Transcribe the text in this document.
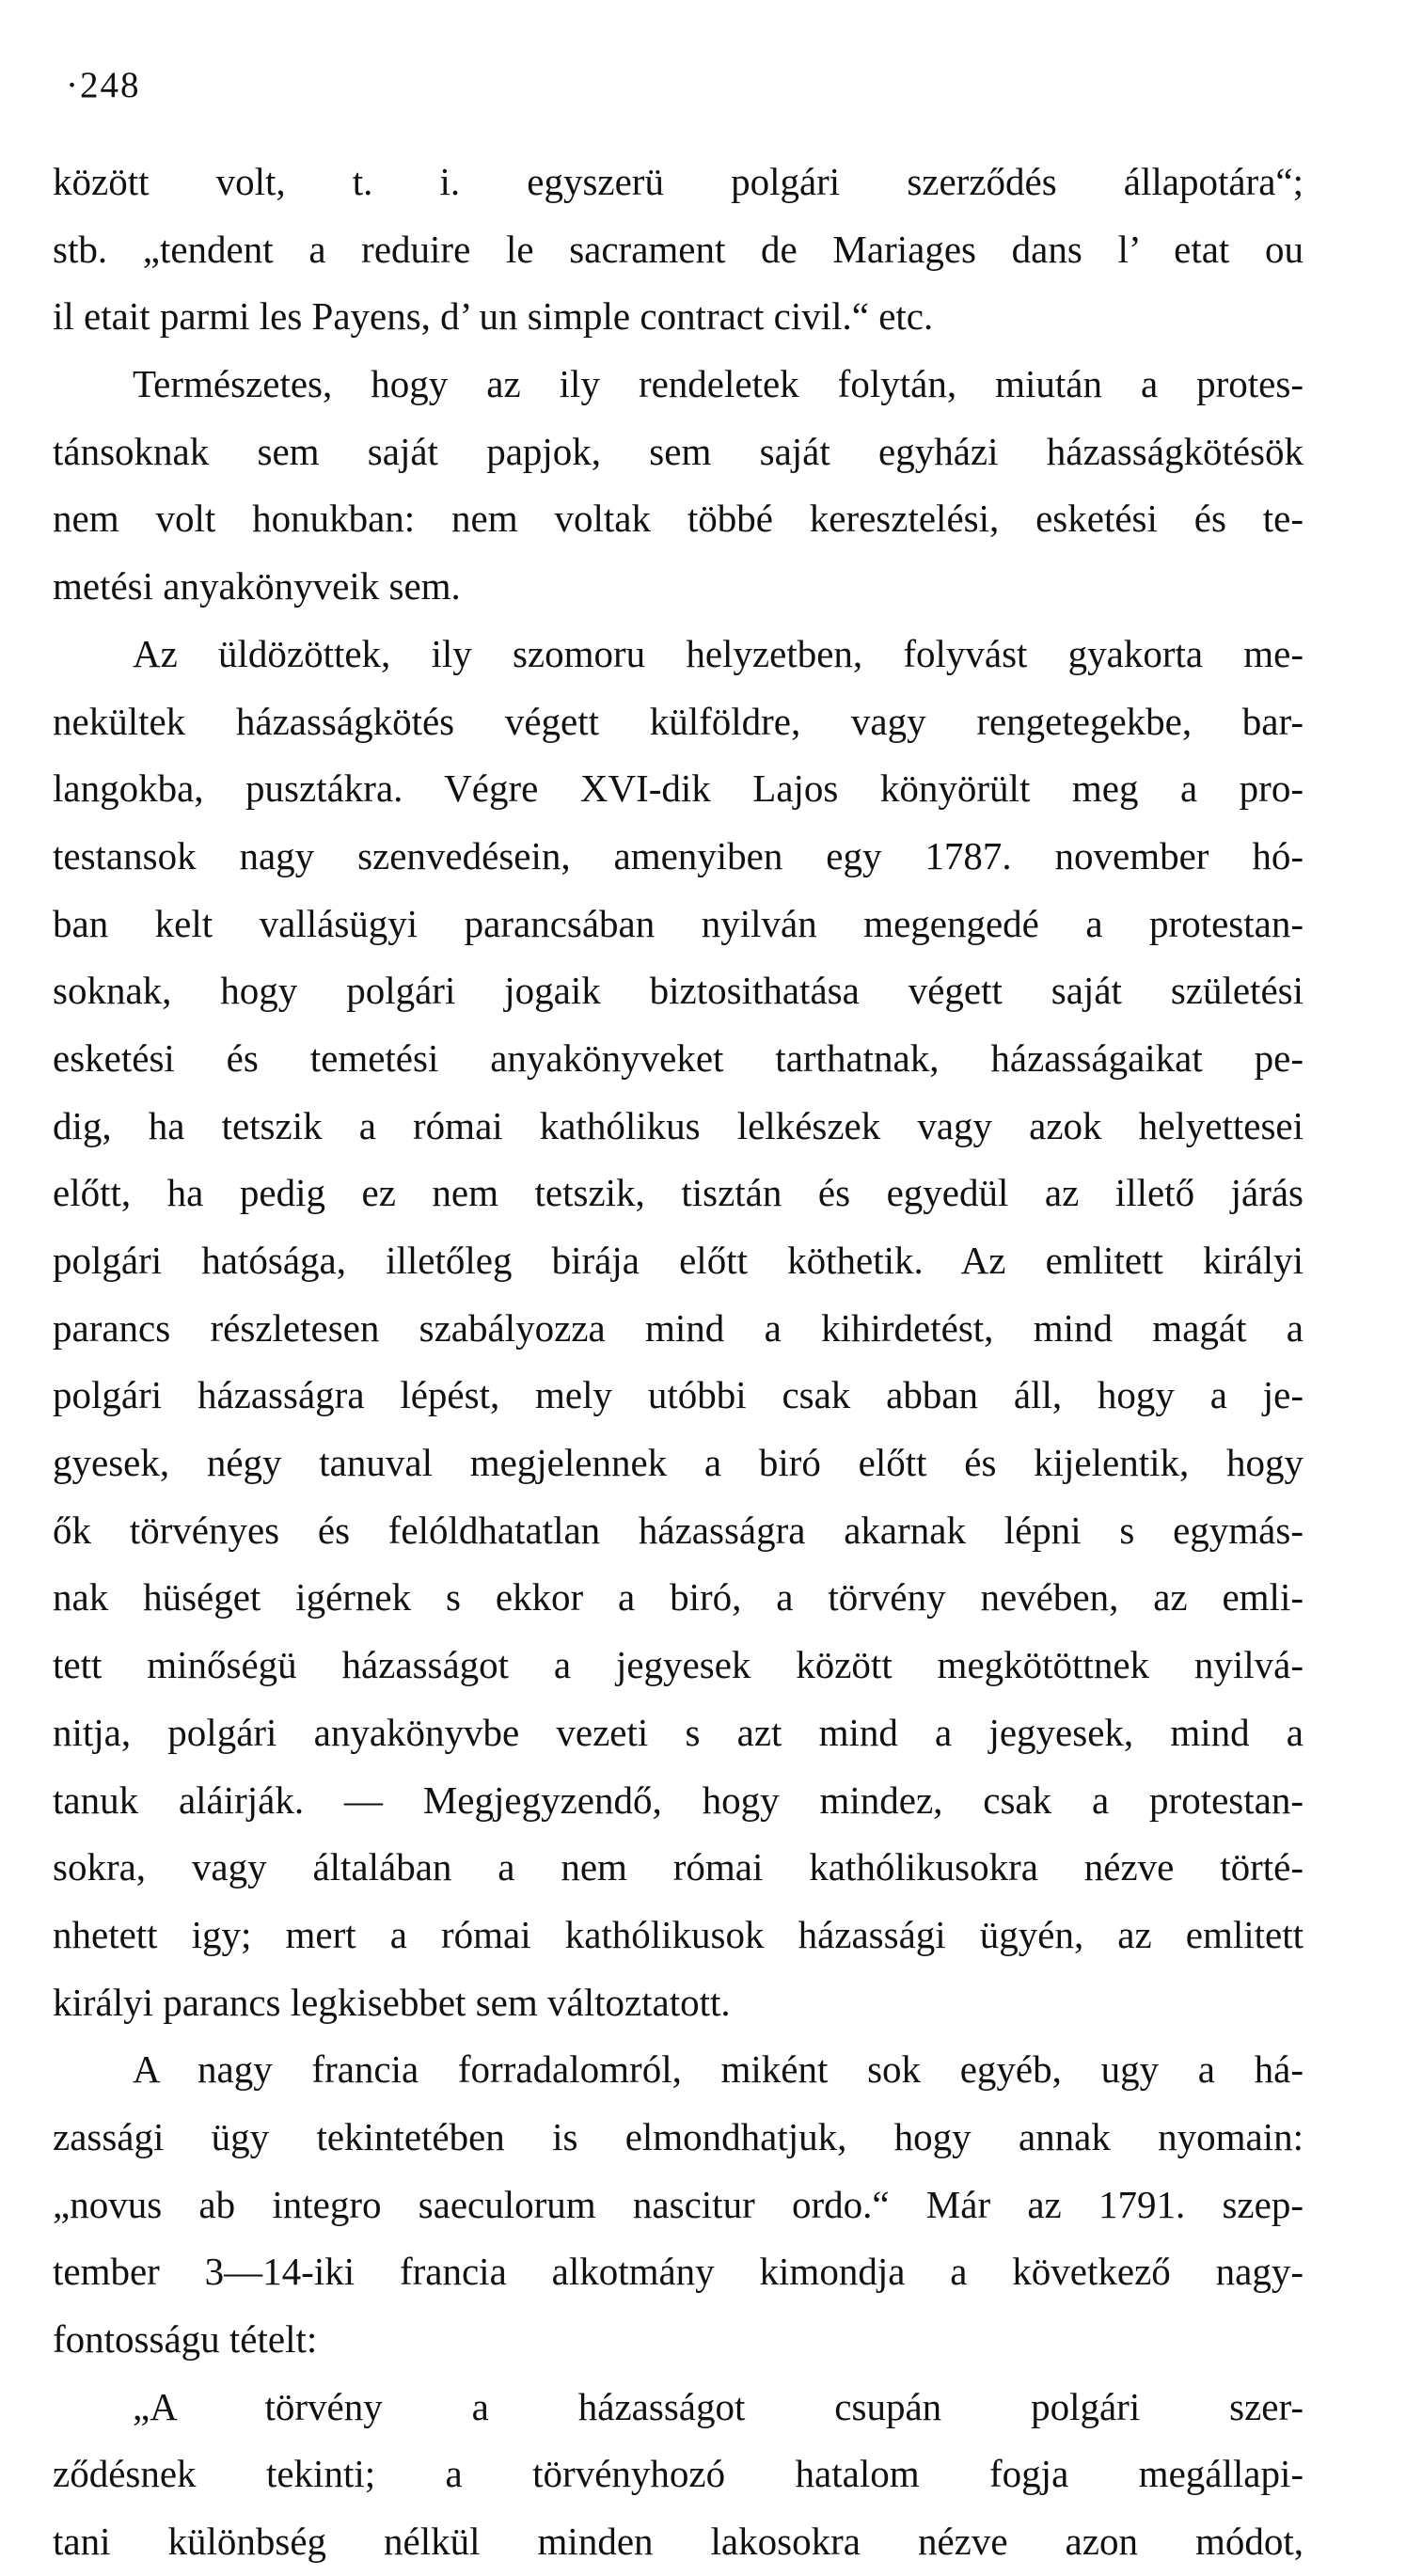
·248
között volt, t. i. egyszerü polgári szerződés állapotára“;
stb. „tendent a reduire le sacrament de Mariages dans l’ etat ou
il etait parmi les Payens, d’ un simple contract civil.“ etc.
Természetes, hogy az ily rendeletek folytán, miután a protes-
tánsoknak sem saját papjok, sem saját egyházi házasságkötésök
nem volt honukban: nem voltak többé keresztelési, esketési és te-
metési anyakönyveik sem.
Az üldözöttek, ily szomoru helyzetben, folyvást gyakorta me-
nekültek házasságkötés végett külföldre, vagy rengetegekbe, bar-
langokba, pusztákra. Végre XVI-dik Lajos könyörült meg a pro-
testansok nagy szenvedésein, amenyiben egy 1787. november hó-
ban kelt vallásügyi parancsában nyilván megengedé a protestan-
soknak, hogy polgári jogaik biztosithatása végett saját születési
esketési és temetési anyakönyveket tarthatnak, házasságaikat pe-
dig, ha tetszik a római kathólikus lelkészek vagy azok helyettesei
előtt, ha pedig ez nem tetszik, tisztán és egyedül az illető járás
polgári hatósága, illetőleg birája előtt köthetik. Az emlitett királyi
parancs részletesen szabályozza mind a kihirdetést, mind magát a
polgári házasságra lépést, mely utóbbi csak abban áll, hogy a je-
gyesek, négy tanuval megjelennek a biró előtt és kijelentik, hogy
ők törvényes és felóldhatatlan házasságra akarnak lépni s egymás-
nak hüséget igérnek s ekkor a biró, a törvény nevében, az emli-
tett minőségü házasságot a jegyesek között megkötöttnek nyilvá-
nitja, polgári anyakönyvbe vezeti s azt mind a jegyesek, mind a
tanuk aláirják. — Megjegyzendő, hogy mindez, csak a protestan-
sokra, vagy általában a nem római kathólikusokra nézve törté-
nhetett igy; mert a római kathólikusok házassági ügyén, az emlitett
királyi parancs legkisebbet sem változtatott.
A nagy francia forradalomról, miként sok egyéb, ugy a há-
zassági ügy tekintetében is elmondhatjuk, hogy annak nyomain:
„novus ab integro saeculorum nascitur ordo.“ Már az 1791. szep-
tember 3—14-iki francia alkotmány kimondja a következő nagy-
fontosságu tételt:
„A törvény a házasságot csupán polgári szer-
ződésnek tekinti; a törvényhozó hatalom fogja megállapi-
tani különbség nélkül minden lakosokra nézve azon módot,
